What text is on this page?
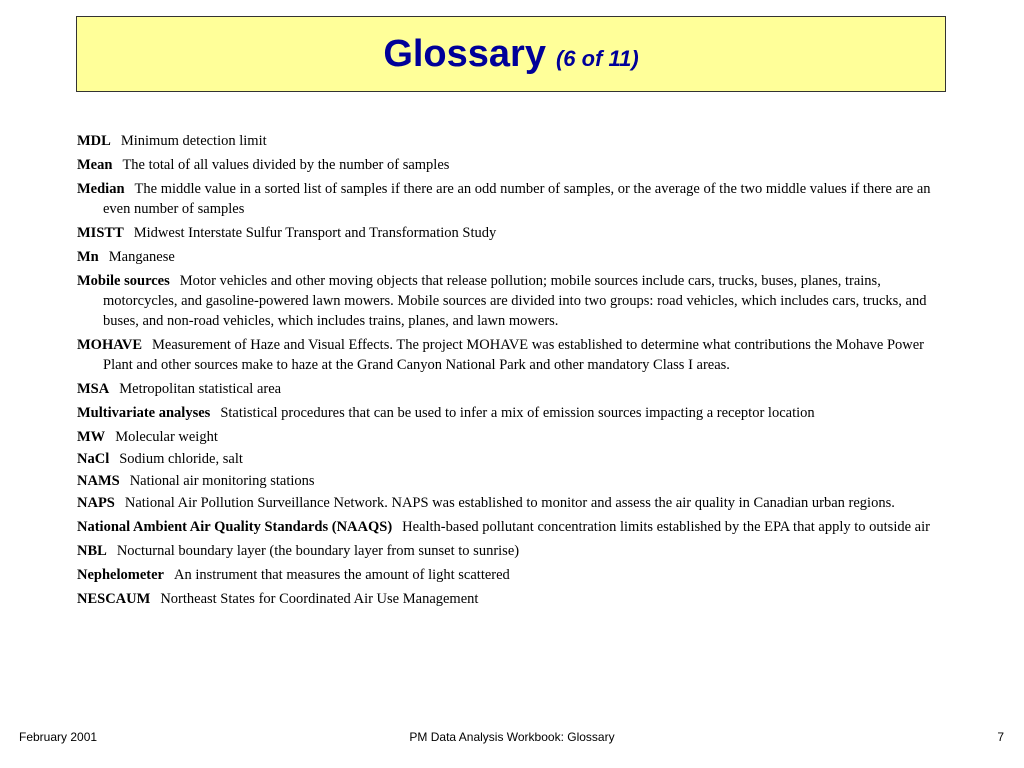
Glossary (6 of 11)
MDL Minimum detection limit
Mean The total of all values divided by the number of samples
Median The middle value in a sorted list of samples if there are an odd number of samples, or the average of the two middle values if there are an even number of samples
MISTT Midwest Interstate Sulfur Transport and Transformation Study
Mn Manganese
Mobile sources Motor vehicles and other moving objects that release pollution; mobile sources include cars, trucks, buses, planes, trains, motorcycles, and gasoline-powered lawn mowers. Mobile sources are divided into two groups: road vehicles, which includes cars, trucks, and buses, and non-road vehicles, which includes trains, planes, and lawn mowers.
MOHAVE Measurement of Haze and Visual Effects. The project MOHAVE was established to determine what contributions the Mohave Power Plant and other sources make to haze at the Grand Canyon National Park and other mandatory Class I areas.
MSA Metropolitan statistical area
Multivariate analyses Statistical procedures that can be used to infer a mix of emission sources impacting a receptor location
MW Molecular weight
NaCl Sodium chloride, salt
NAMS National air monitoring stations
NAPS National Air Pollution Surveillance Network. NAPS was established to monitor and assess the air quality in Canadian urban regions.
National Ambient Air Quality Standards (NAAQS) Health-based pollutant concentration limits established by the EPA that apply to outside air
NBL Nocturnal boundary layer (the boundary layer from sunset to sunrise)
Nephelometer An instrument that measures the amount of light scattered
NESCAUM Northeast States for Coordinated Air Use Management
February 2001	PM Data Analysis Workbook: Glossary	7
